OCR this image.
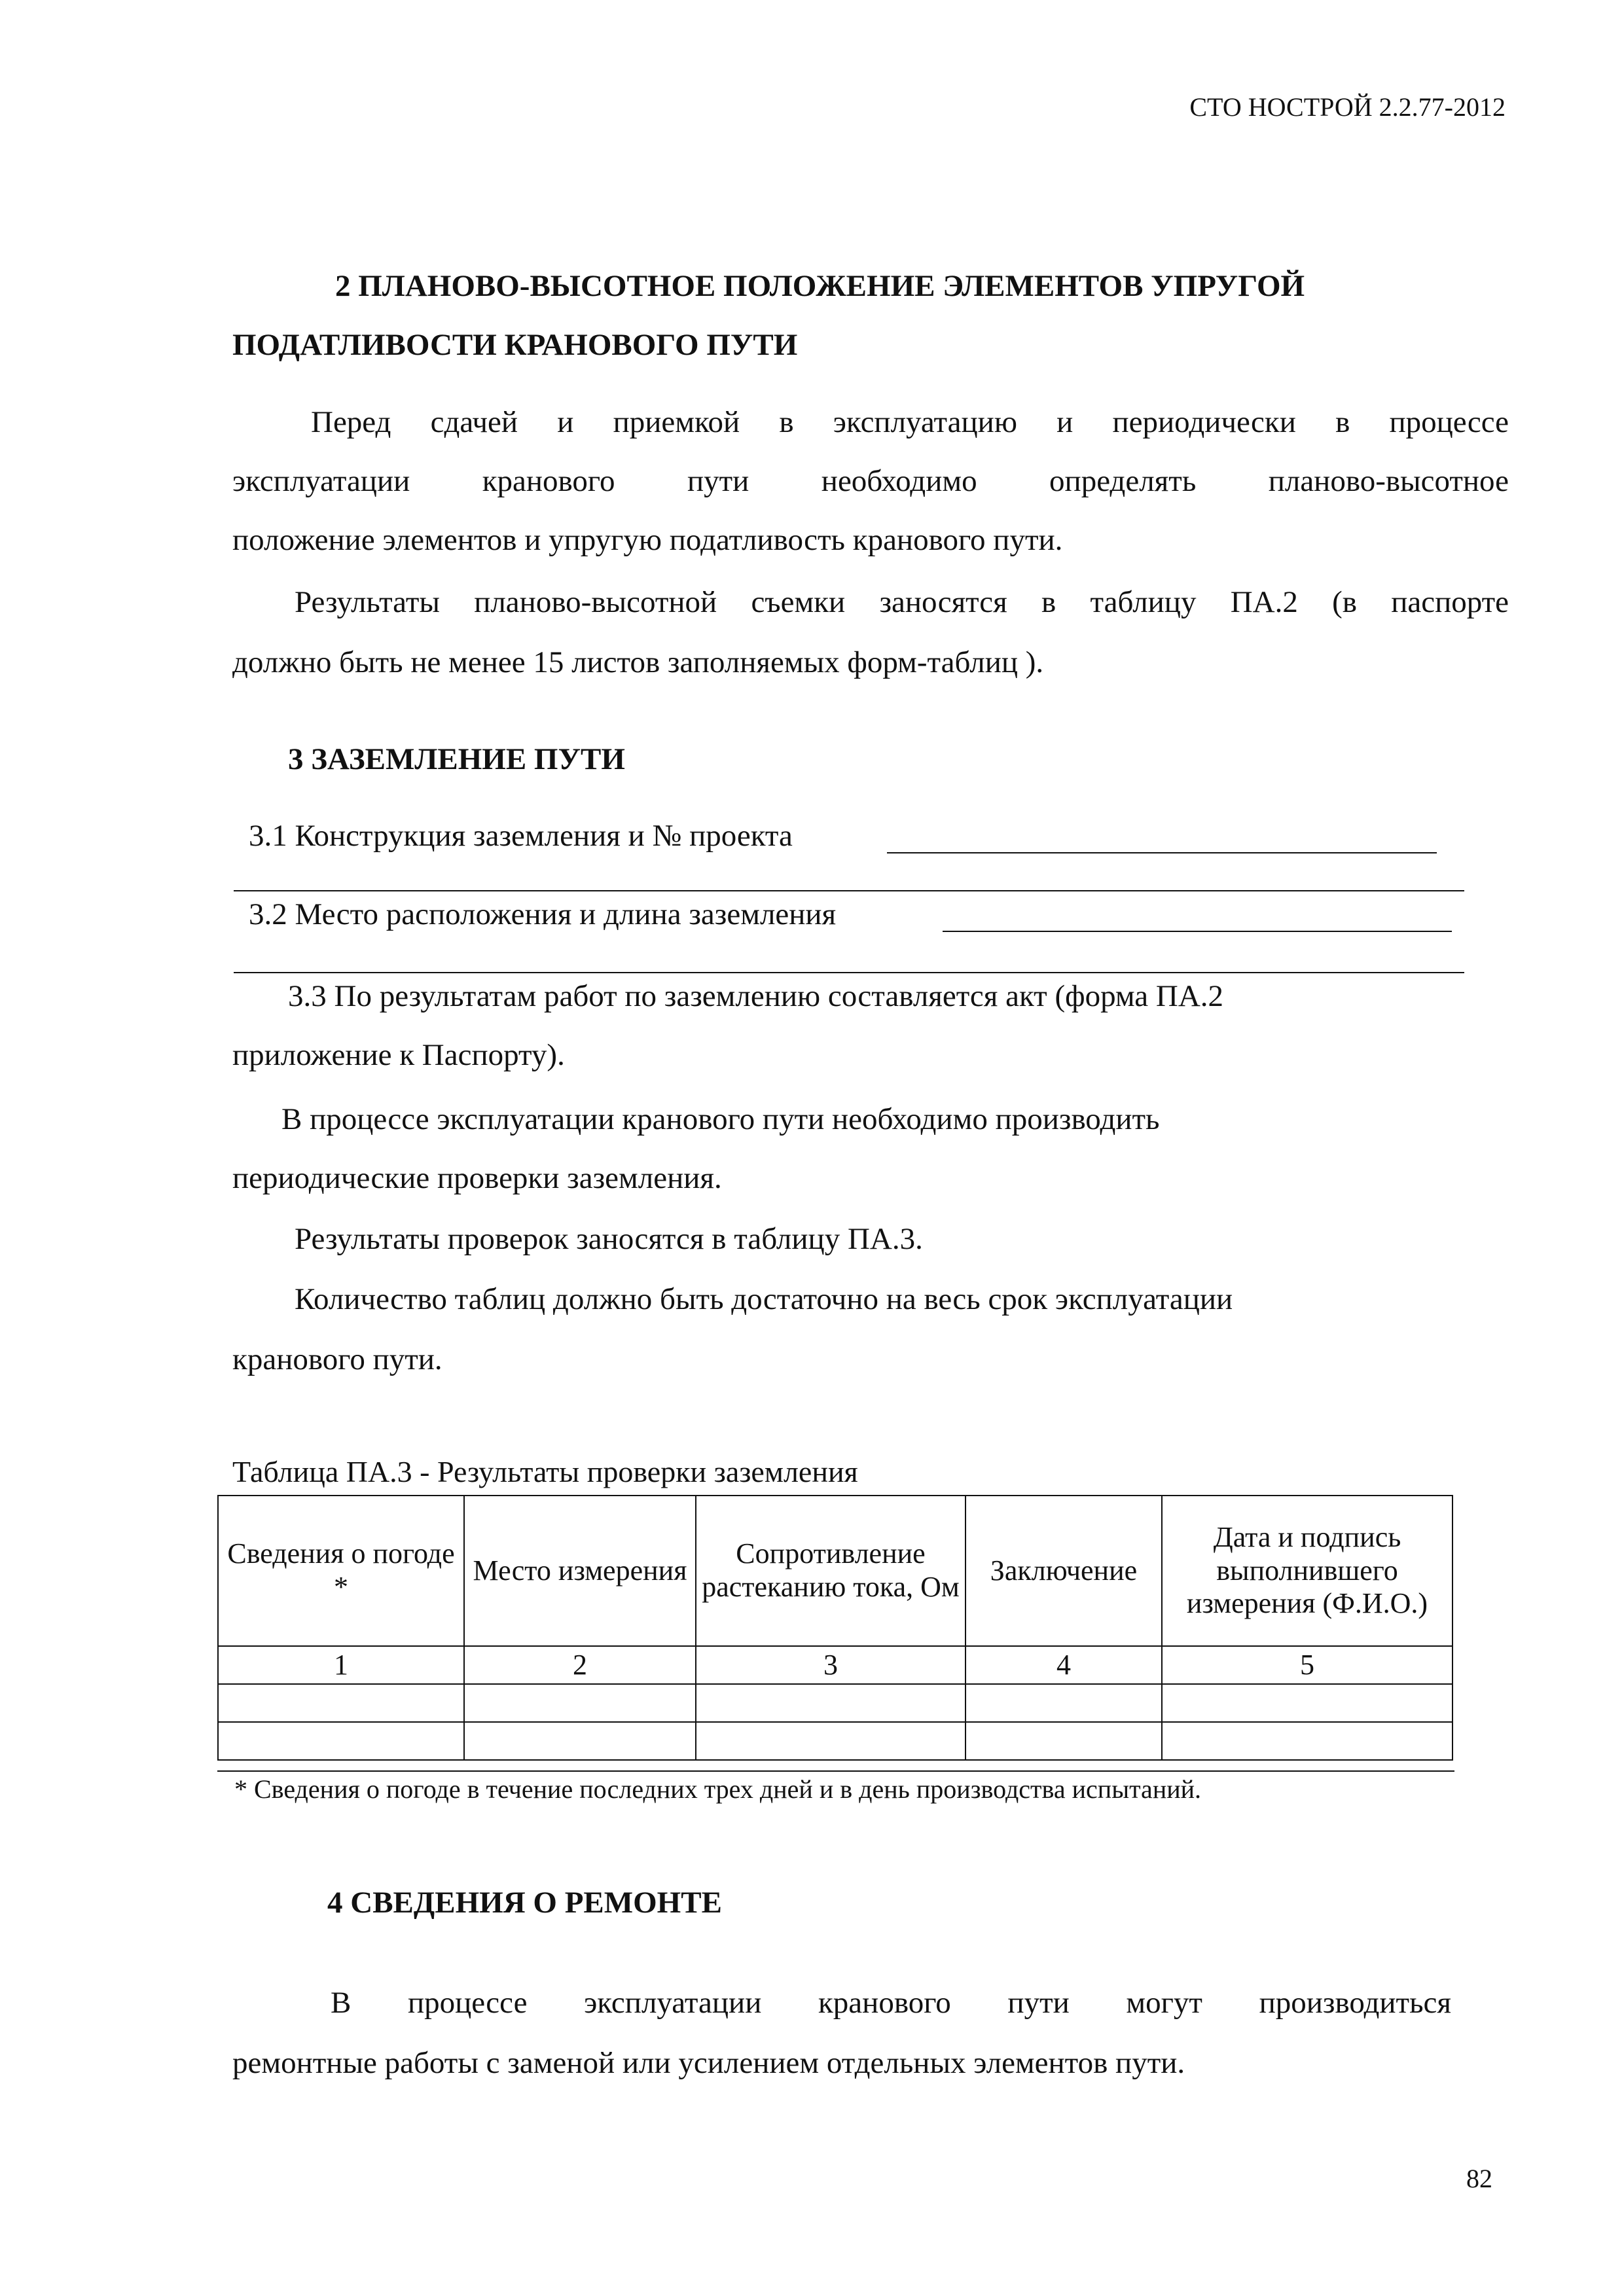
СТО НОСТРОЙ 2.2.77-2012
2 ПЛАНОВО-ВЫСОТНОЕ ПОЛОЖЕНИЕ ЭЛЕМЕНТОВ УПРУГОЙ
ПОДАТЛИВОСТИ КРАНОВОГО ПУТИ
Перед сдачей и приемкой в эксплуатацию и периодически в процессе
эксплуатации кранового пути необходимо определять планово-высотное
положение элементов и упругую податливость кранового пути.
Результаты планово-высотной съемки заносятся в таблицу ПА.2 (в паспорте
должно быть не менее 15 листов заполняемых форм-таблиц ).
3 ЗАЗЕМЛЕНИЕ ПУТИ
3.1 Конструкция заземления и № проекта
3.2 Место расположения и длина заземления
3.3 По результатам работ по заземлению составляется акт (форма ПА.2
приложение к Паспорту).
В процессе эксплуатации кранового пути необходимо производить
периодические проверки заземления.
Результаты проверок заносятся в таблицу ПА.3.
Количество таблиц должно быть достаточно на весь срок эксплуатации
кранового пути.
Таблица ПА.3 - Результаты проверки заземления
Сведения о погоде *	Место измерения	Сопротивление растеканию тока, Ом	Заключение	Дата и подпись выполнившего измерения (Ф.И.О.)
1	2	3	4	5

* Сведения о погоде в течение последних трех дней и в день производства испытаний.
4 СВЕДЕНИЯ О РЕМОНТЕ
В процессе эксплуатации кранового пути могут производиться
ремонтные работы с заменой или усилением отдельных элементов пути.
82
